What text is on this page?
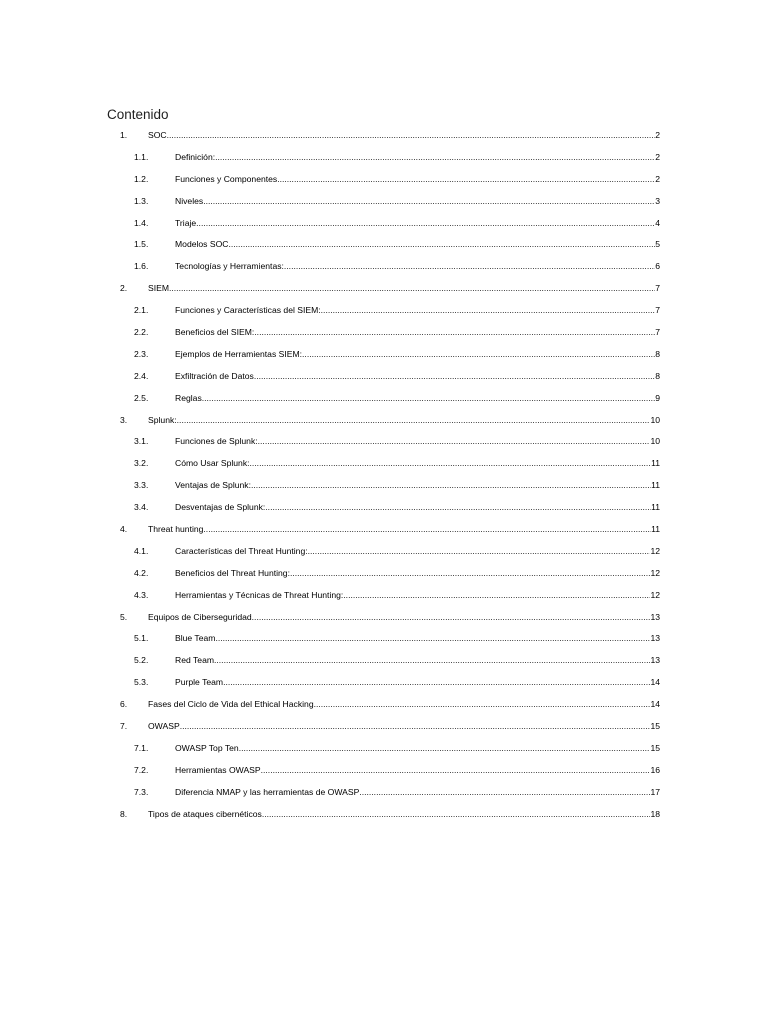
Contenido
1. SOC .....	2
1.1.	Definición: .....	2
1.2.	Funciones y Componentes .....	2
1.3.	Niveles .....	3
1.4.	Triaje .....	4
1.5.	Modelos SOC .....	5
1.6.	Tecnologías y Herramientas: .....	6
2. SIEM .....	7
2.1.	Funciones y Características del SIEM: .....	7
2.2.	Beneficios del SIEM: .....	7
2.3.	Ejemplos de Herramientas SIEM: .....	8
2.4.	Exfiltración de Datos .....	8
2.5.	Reglas .....	9
3. Splunk: .....	10
3.1.	Funciones de Splunk: .....	10
3.2.	Cómo Usar Splunk: .....	11
3.3.	Ventajas de Splunk: .....	11
3.4.	Desventajas de Splunk: .....	11
4. Threat hunting .....	11
4.1.	Características del Threat Hunting: .....	12
4.2.	Beneficios del Threat Hunting: .....	12
4.3.	Herramientas y Técnicas de Threat Hunting: .....	12
5. Equipos de Ciberseguridad .....	13
5.1.	Blue Team .....	13
5.2.	Red Team .....	13
5.3.	Purple Team .....	14
6. Fases del Ciclo de Vida del Ethical Hacking .....	14
7. OWASP .....	15
7.1.	OWASP Top Ten .....	15
7.2.	Herramientas OWASP .....	16
7.3.	Diferencia NMAP y las herramientas de OWASP .....	17
8. Tipos de ataques cibernéticos .....	18
